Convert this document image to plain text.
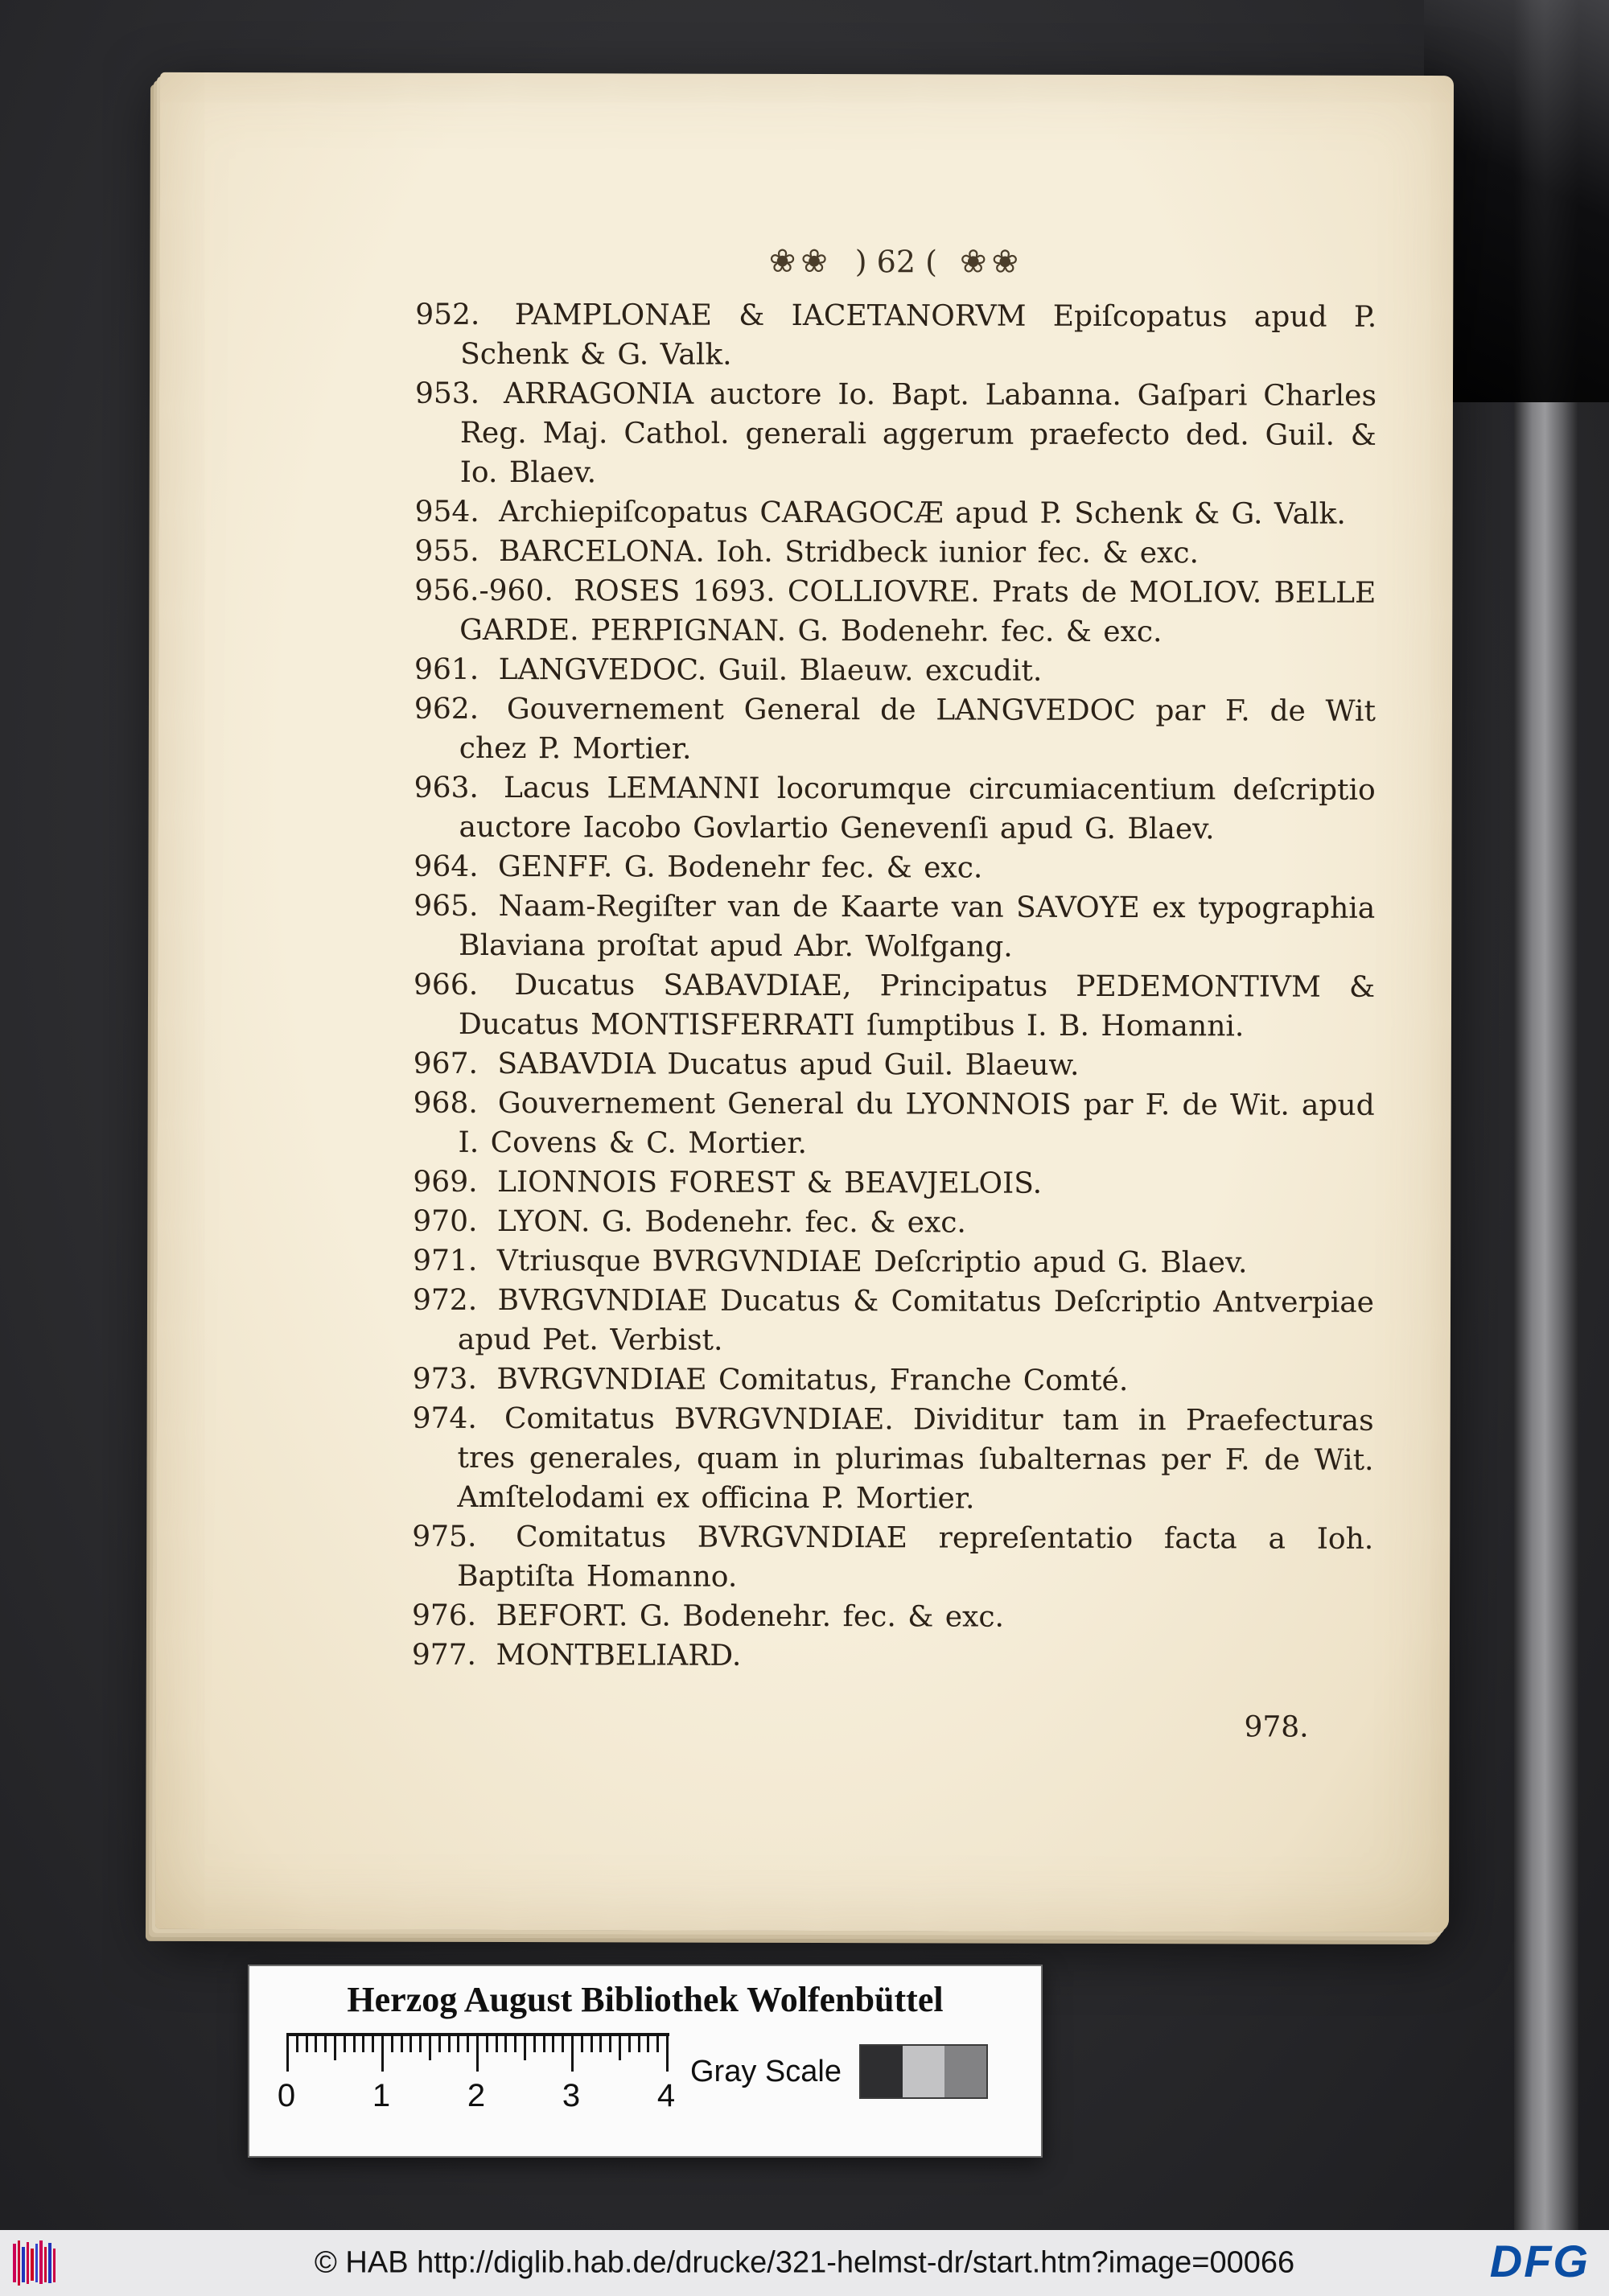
❀❀ ) 62 ( ❀❀
952. PAMPLONAE & IACETANORVM Epiſcopatus apud P. Schenk & G. Valk.
953. ARRAGONIA auctore Io. Bapt. Labanna. Gaſpari Charles Reg. Maj. Cathol. generali aggerum praefecto ded. Guil. & Io. Blaev.
954. Archiepiſcopatus CARAGOCÆ apud P. Schenk & G. Valk.
955. BARCELONA. Ioh. Stridbeck iunior fec. & exc.
956.-960. ROSES 1693. COLLIOVRE. Prats de MOLIOV. BELLE GARDE. PERPIGNAN. G. Bodenehr. fec. & exc.
961. LANGVEDOC. Guil. Blaeuw. excudit.
962. Gouvernement General de LANGVEDOC par F. de Wit chez P. Mortier.
963. Lacus LEMANNI locorumque circumiacentium deſcriptio auctore Iacobo Govlartio Genevenſi apud G. Blaev.
964. GENFF. G. Bodenehr fec. & exc.
965. Naam-Regiſter van de Kaarte van SAVOYE ex typographia Blaviana proſtat apud Abr. Wolfgang.
966. Ducatus SABAVDIAE, Principatus PEDEMONTIVM & Ducatus MONTISFERRATI ſumptibus I. B. Homanni.
967. SABAVDIA Ducatus apud Guil. Blaeuw.
968. Gouvernement General du LYONNOIS par F. de Wit. apud I. Covens & C. Mortier.
969. LIONNOIS FOREST & BEAVJELOIS.
970. LYON. G. Bodenehr. fec. & exc.
971. Vtriusque BVRGVNDIAE Deſcriptio apud G. Blaev.
972. BVRGVNDIAE Ducatus & Comitatus Deſcriptio Antverpiae apud Pet. Verbist.
973. BVRGVNDIAE Comitatus, Franche Comté.
974. Comitatus BVRGVNDIAE. Dividitur tam in Praefecturas tres generales, quam in plurimas ſubalternas per F. de Wit. Amſtelodami ex officina P. Mortier.
975. Comitatus BVRGVNDIAE repreſentatio facta a Ioh. Baptiſta Homanno.
976. BEFORT. G. Bodenehr. fec. & exc.
977. MONTBELIARD.
978.
Herzog August Bibliothek Wolfenbüttel
0 1 2 3 4
Gray Scale
© HAB http://diglib.hab.de/drucke/321-helmst-dr/start.htm?image=00066	DFG
